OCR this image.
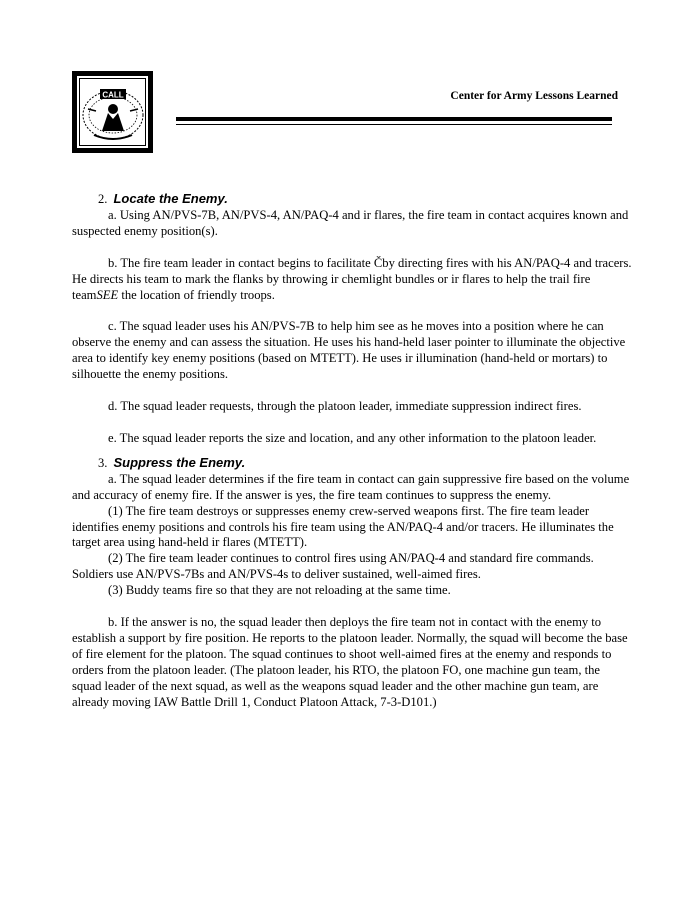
CALL	Center for Army Lessons Learned

2. Locate the Enemy.

a. Using AN/PVS-7B, AN/PVS-4, AN/PAQ-4 and ir flares, the fire team in contact acquires known and suspected enemy position(s).

b. The fire team leader in contact begins to facilitate Čby directing fires with his AN/PAQ-4 and tracers. He directs his team to mark the flanks by throwing ir chemlight bundles or ir flares to help the trail fire teamSEE the location of friendly troops.

c. The squad leader uses his AN/PVS-7B to help him see as he moves into a position where he can observe the enemy and can assess the situation. He uses his hand-held laser pointer to illuminate the objective area to identify key enemy positions (based on MTETT). He uses ir illumination (hand-held or mortars) to silhouette the enemy positions.

d. The squad leader requests, through the platoon leader, immediate suppression indirect fires.

e. The squad leader reports the size and location, and any other information to the platoon leader.

3. Suppress the Enemy.

a. The squad leader determines if the fire team in contact can gain suppressive fire based on the volume and accuracy of enemy fire. If the answer is yes, the fire team continues to suppress the enemy.

(1) The fire team destroys or suppresses enemy crew-served weapons first. The fire team leader identifies enemy positions and controls his fire team using the AN/PAQ-4 and/or tracers. He illuminates the target area using hand-held ir flares (MTETT).

(2) The fire team leader continues to control fires using AN/PAQ-4 and standard fire commands. Soldiers use AN/PVS-7Bs and AN/PVS-4s to deliver sustained, well-aimed fires.

(3) Buddy teams fire so that they are not reloading at the same time.

b. If the answer is no, the squad leader then deploys the fire team not in contact with the enemy to establish a support by fire position. He reports to the platoon leader. Normally, the squad will become the base of fire element for the platoon. The squad continues to shoot well-aimed fires at the enemy and responds to orders from the platoon leader. (The platoon leader, his RTO, the platoon FO, one machine gun team, the squad leader of the next squad, as well as the weapons squad leader and the other machine gun team, are already moving IAW Battle Drill 1, Conduct Platoon Attack, 7-3-D101.)
